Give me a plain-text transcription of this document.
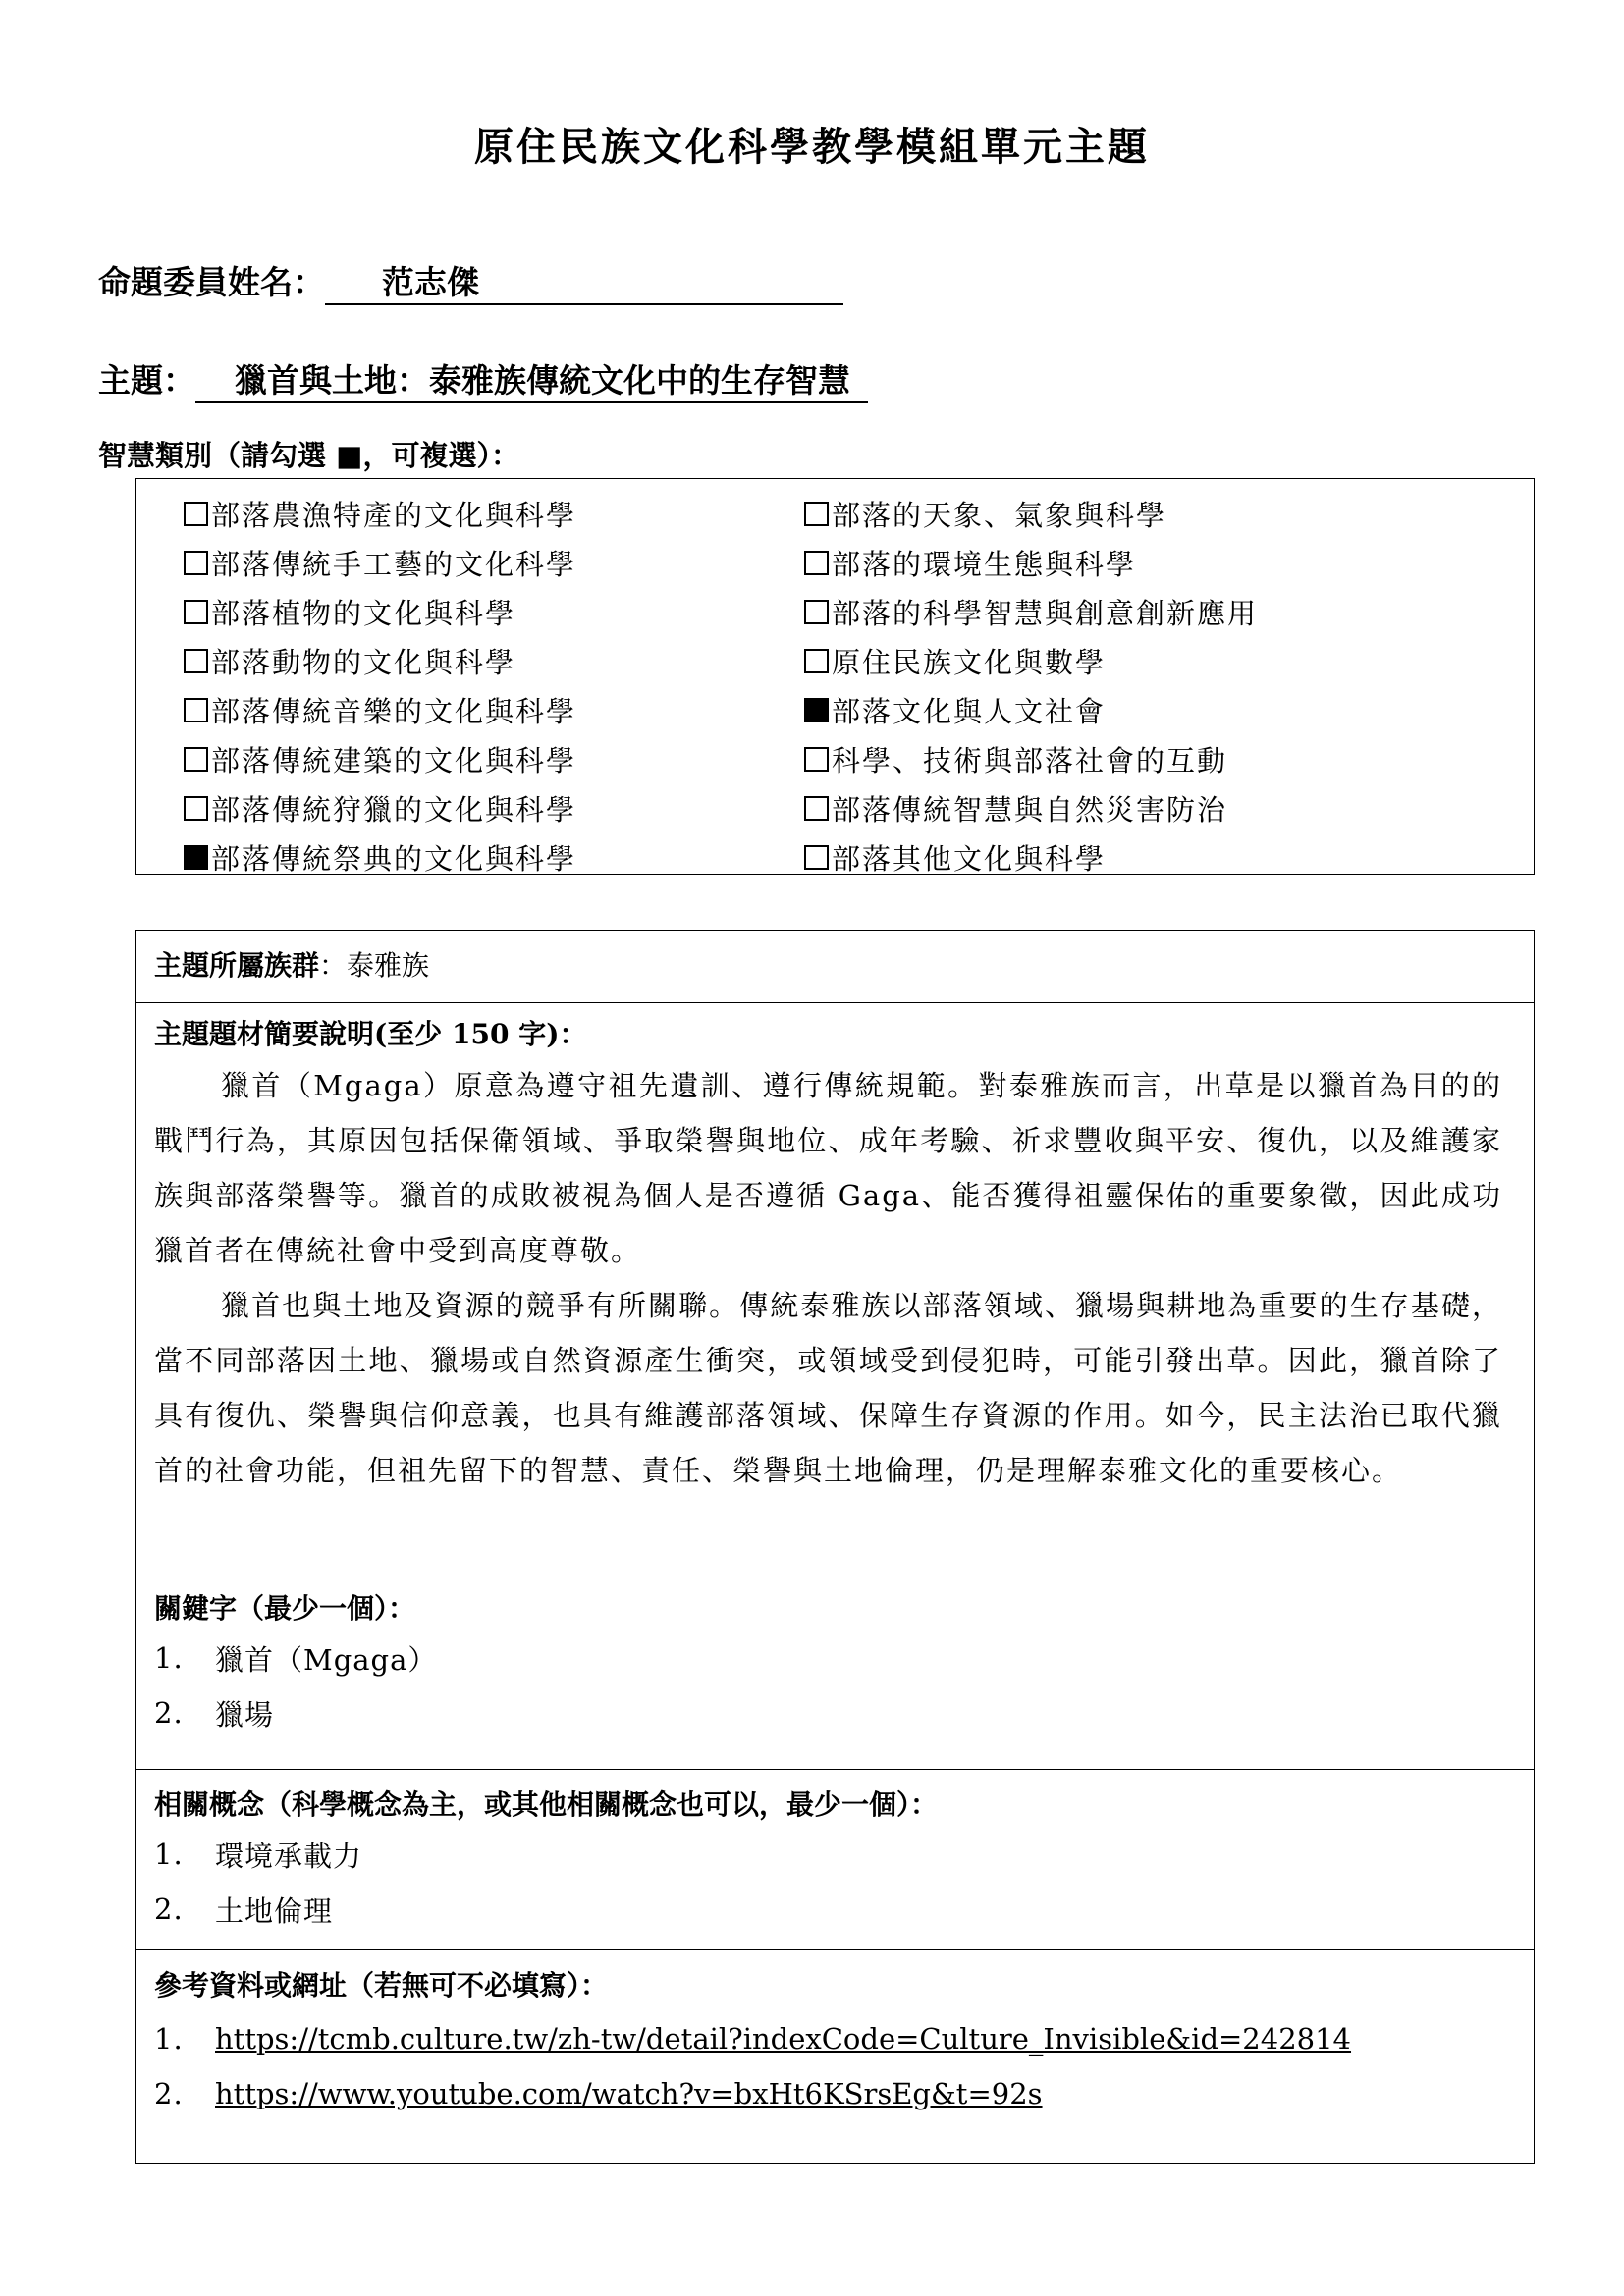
原住民族文化科學教學模組單元主題
命題委員姓名： 范志傑
主題： 獵首與土地：泰雅族傳統文化中的生存智慧
智慧類別（請勾選 ■，可複選）：
部落農漁特產的文化與科學
部落傳統手工藝的文化科學
部落植物的文化與科學
部落動物的文化與科學
部落傳統音樂的文化與科學
部落傳統建築的文化與科學
部落傳統狩獵的文化與科學
部落傳統祭典的文化與科學
部落的天象、氣象與科學
部落的環境生態與科學
部落的科學智慧與創意創新應用
原住民族文化與數學
部落文化與人文社會
科學、技術與部落社會的互動
部落傳統智慧與自然災害防治
部落其他文化與科學
主題所屬族群：泰雅族
主題題材簡要說明(至少 150 字)：

獵首（Mgaga）原意為遵守祖先遺訓、遵行傳統規範。對泰雅族而言，出草是以獵首為目的的戰鬥行為，其原因包括保衛領域、爭取榮譽與地位、成年考驗、祈求豐收與平安、復仇，以及維護家族與部落榮譽等。獵首的成敗被視為個人是否遵循 Gaga、能否獲得祖靈保佑的重要象徵，因此成功獵首者在傳統社會中受到高度尊敬。

獵首也與土地及資源的競爭有所關聯。傳統泰雅族以部落領域、獵場與耕地為重要的生存基礎，當不同部落因土地、獵場或自然資源產生衝突，或領域受到侵犯時，可能引發出草。因此，獵首除了具有復仇、榮譽與信仰意義，也具有維護部落領域、保障生存資源的作用。如今，民主法治已取代獵首的社會功能，但祖先留下的智慧、責任、榮譽與土地倫理，仍是理解泰雅文化的重要核心。

關鍵字（最少一個）：
1.	獵首（Mgaga）
2.	獵場
相關概念（科學概念為主，或其他相關概念也可以，最少一個）：
1.	環境承載力
2.	土地倫理
參考資料或網址（若無可不必填寫）：
1.	https://tcmb.culture.tw/zh-tw/detail?indexCode=Culture_Invisible&id=242814
2.	https://www.youtube.com/watch?v=bxHt6KSrsEg&t=92s
